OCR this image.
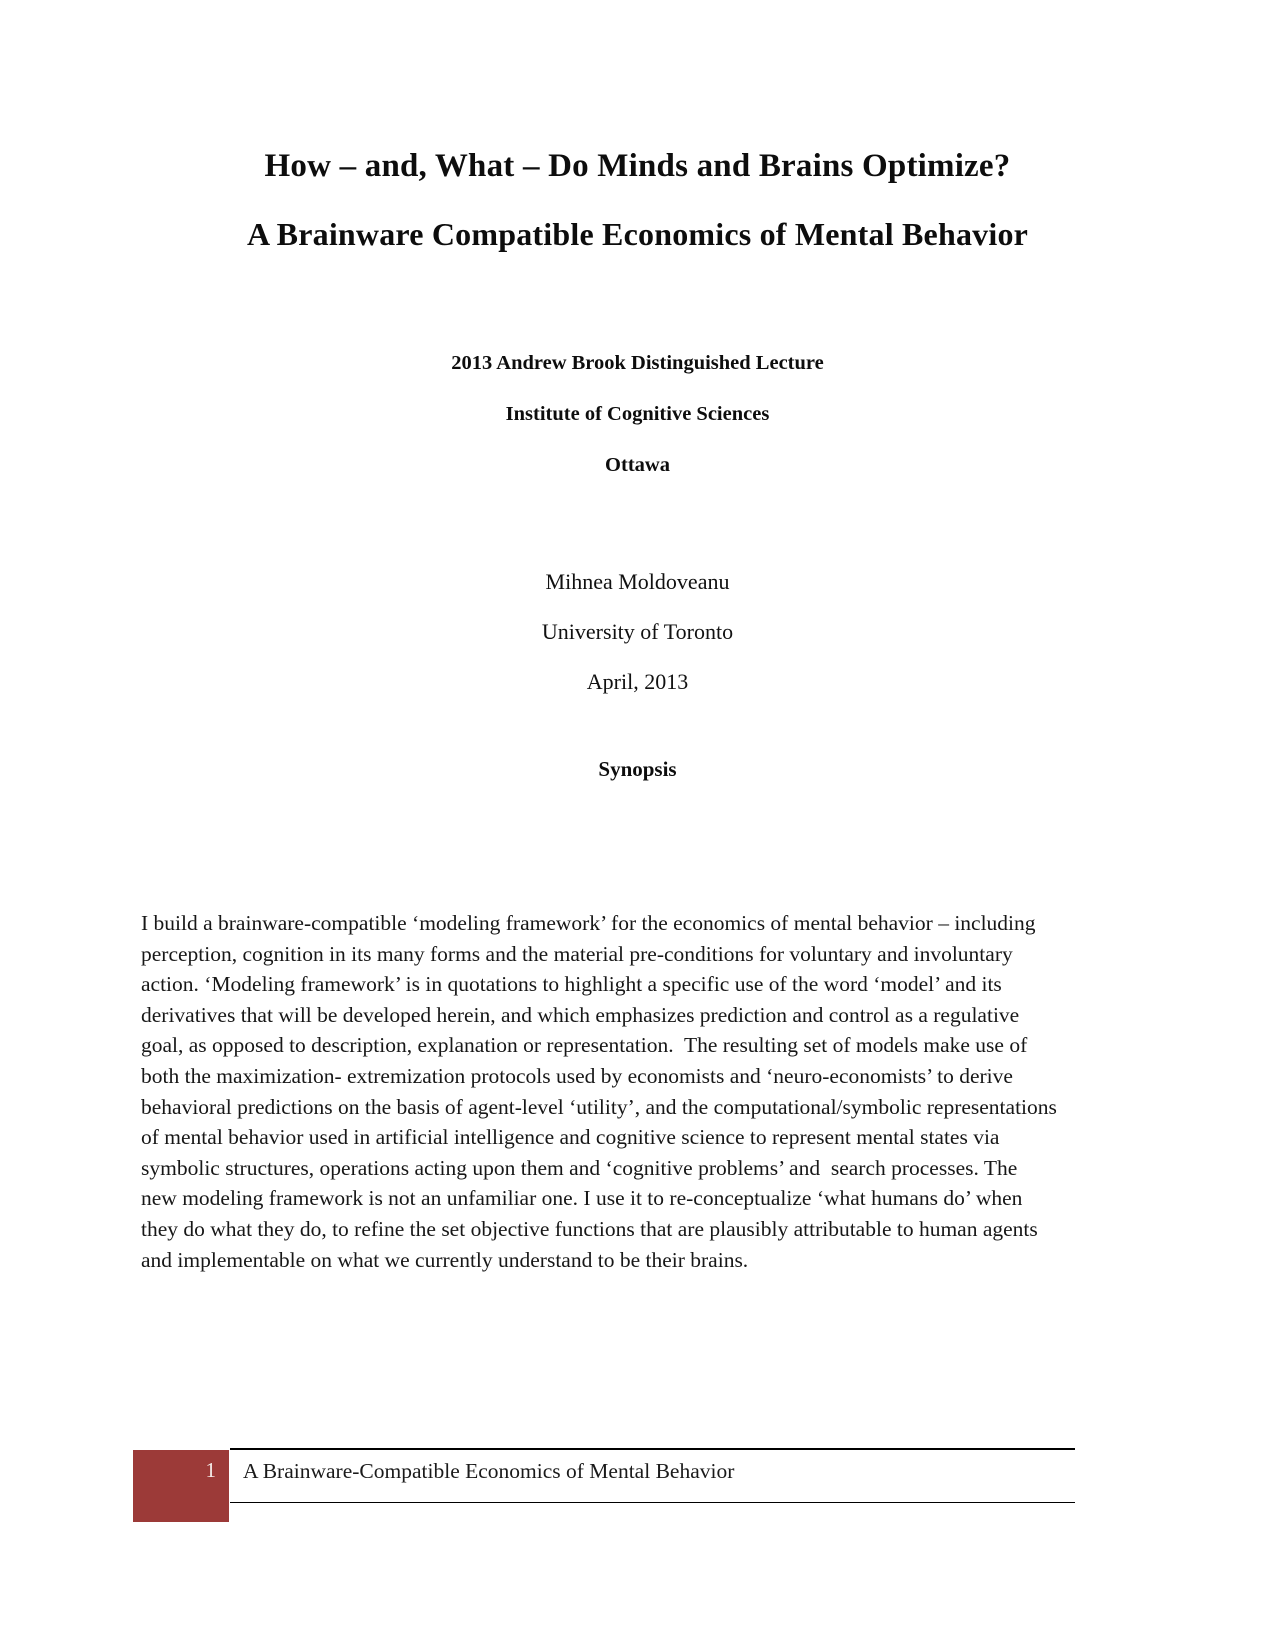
How – and, What – Do Minds and Brains Optimize?
A Brainware Compatible Economics of Mental Behavior
2013 Andrew Brook Distinguished Lecture
Institute of Cognitive Sciences
Ottawa
Mihnea Moldoveanu
University of Toronto
April, 2013
Synopsis
I build a brainware-compatible ‘modeling framework’ for the economics of mental behavior – including perception, cognition in its many forms and the material pre-conditions for voluntary and involuntary action. ‘Modeling framework’ is in quotations to highlight a specific use of the word ‘model’ and its derivatives that will be developed herein, and which emphasizes prediction and control as a regulative goal, as opposed to description, explanation or representation.  The resulting set of models make use of both the maximization- extremization protocols used by economists and ‘neuro-economists’ to derive behavioral predictions on the basis of agent-level ‘utility’, and the computational/symbolic representations of mental behavior used in artificial intelligence and cognitive science to represent mental states via symbolic structures, operations acting upon them and ‘cognitive problems’ and  search processes. The new modeling framework is not an unfamiliar one. I use it to re-conceptualize ‘what humans do’ when they do what they do, to refine the set objective functions that are plausibly attributable to human agents and implementable on what we currently understand to be their brains.
1 A Brainware-Compatible Economics of Mental Behavior
